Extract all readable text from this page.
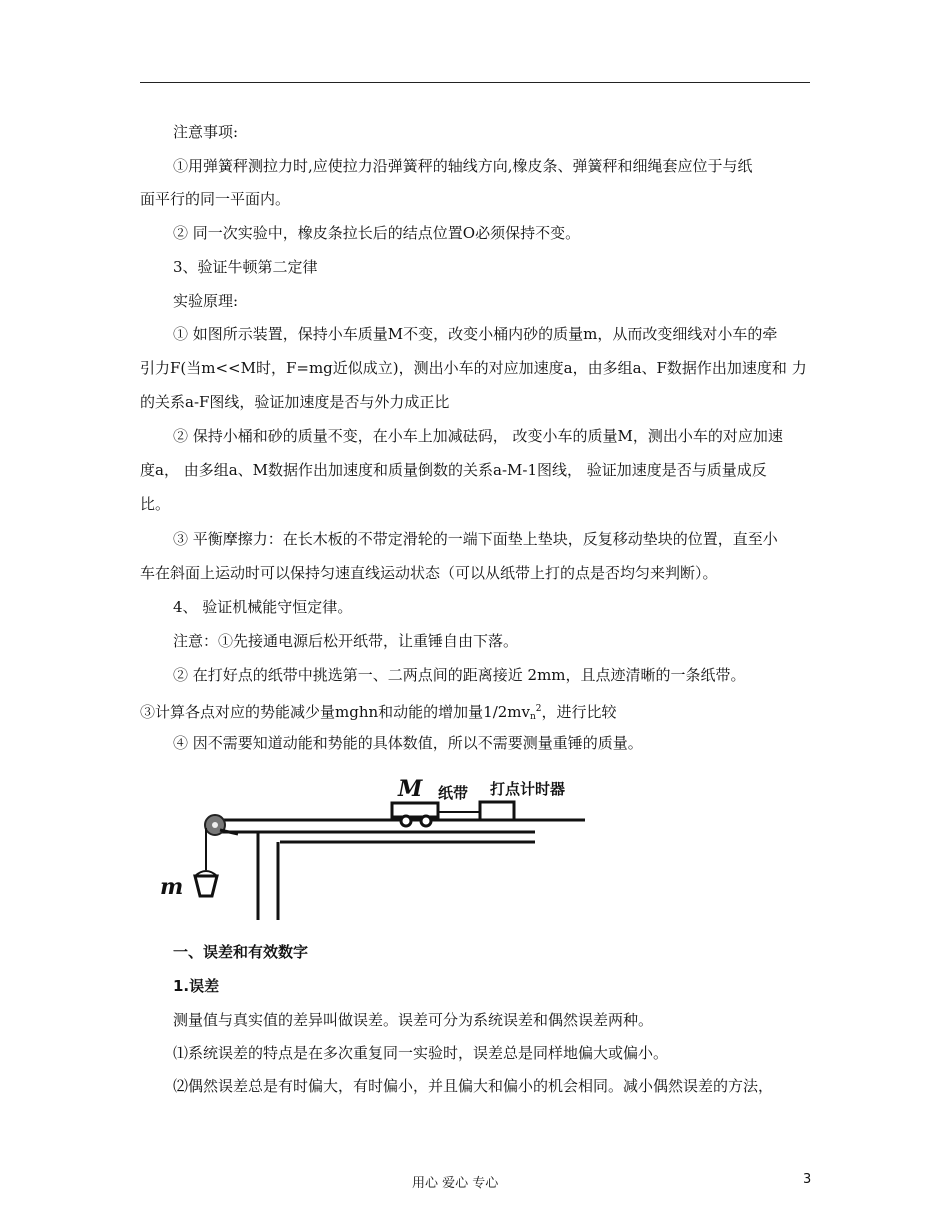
注意事项:
①用弹簧秤测拉力时,应使拉力沿弹簧秤的轴线方向,橡皮条、弹簧秤和细绳套应位于与纸
面平行的同一平面内。
② 同一次实验中，橡皮条拉长后的结点位置O必须保持不变。
3、验证牛顿第二定律
实验原理:
① 如图所示装置，保持小车质量M不变，改变小桶内砂的质量m，从而改变细线对小车的牵
引力F(当m<<M时，F=mg近似成立)，测出小车的对应加速度a，由多组a、F数据作出加速度和 力
的关系a-F图线，验证加速度是否与外力成正比
② 保持小桶和砂的质量不变，在小车上加减砝码， 改变小车的质量M，测出小车的对应加速
度a， 由多组a、M数据作出加速度和质量倒数的关系a-M-1图线， 验证加速度是否与质量成反
比。
③ 平衡摩擦力：在长木板的不带定滑轮的一端下面垫上垫块，反复移动垫块的位置，直至小
车在斜面上运动时可以保持匀速直线运动状态（可以从纸带上打的点是否均匀来判断）。
4、 验证机械能守恒定律。
注意：①先接通电源后松开纸带，让重锤自由下落。
② 在打好点的纸带中挑选第一、二两点间的距离接近 2mm，且点迹清晰的一条纸带。
③计算各点对应的势能减少量mghn和动能的增加量$1/2mv_n^2$，进行比较
④ 因不需要知道动能和势能的具体数值，所以不需要测量重锤的质量。
M 纸带 打点计时器
m
一、误差和有效数字
1.误差
测量值与真实值的差异叫做误差。误差可分为系统误差和偶然误差两种。
⑴系统误差的特点是在多次重复同一实验时，误差总是同样地偏大或偏小。
⑵偶然误差总是有时偏大，有时偏小，并且偏大和偏小的机会相同。减小偶然误差的方法，
用心 爱心 专心	3
